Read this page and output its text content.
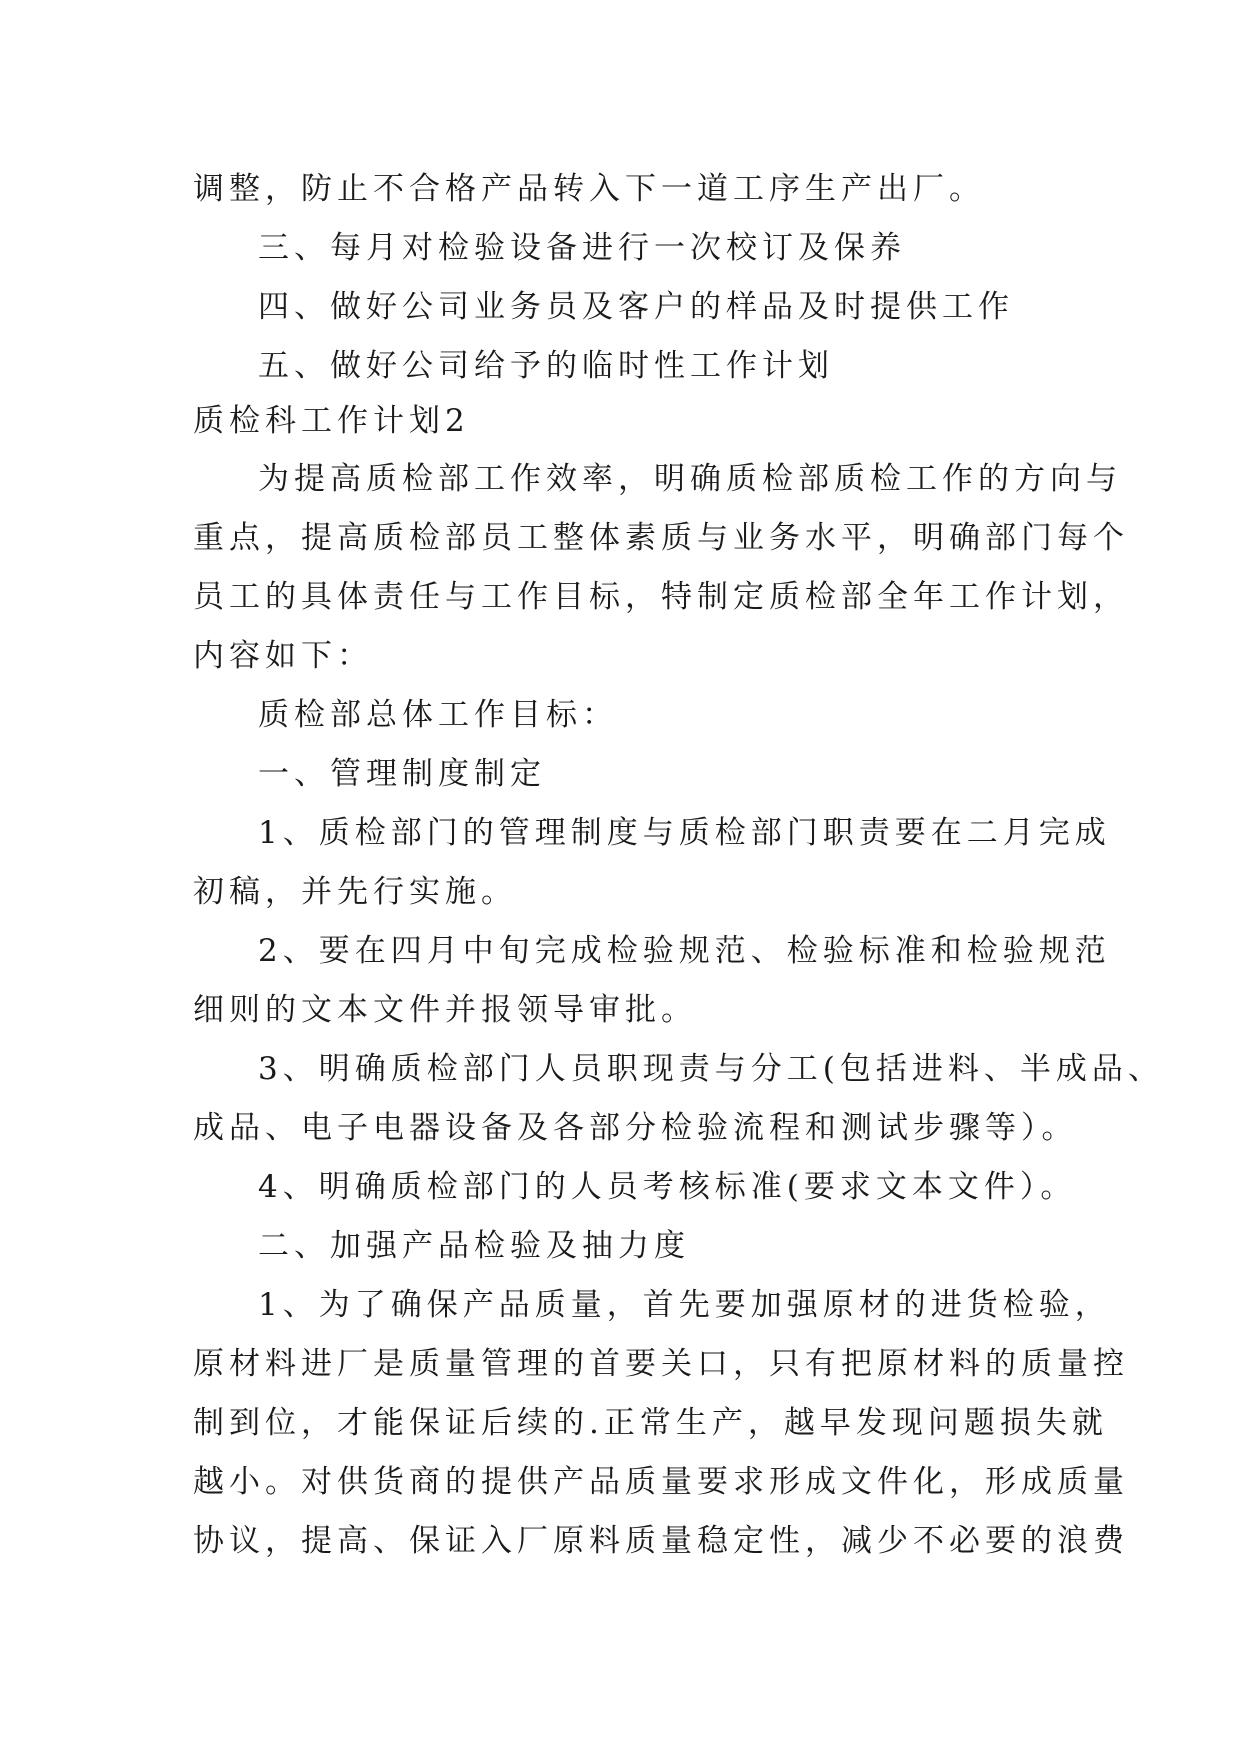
调整，防止不合格产品转入下一道工序生产出厂。
三、每月对检验设备进行一次校订及保养
四、做好公司业务员及客户的样品及时提供工作
五、做好公司给予的临时性工作计划
质检科工作计划2
为提高质检部工作效率，明确质检部质检工作的方向与
重点，提高质检部员工整体素质与业务水平，明确部门每个
员工的具体责任与工作目标，特制定质检部全年工作计划，
内容如下：
质检部总体工作目标：
一、管理制度制定
1、质检部门的管理制度与质检部门职责要在二月完成
初稿，并先行实施。
2、要在四月中旬完成检验规范、检验标准和检验规范
细则的文本文件并报领导审批。
3、明确质检部门人员职现责与分工(包括进料、半成品、
成品、电子电器设备及各部分检验流程和测试步骤等）。
4、明确质检部门的人员考核标准(要求文本文件）。
二、加强产品检验及抽力度
1、为了确保产品质量，首先要加强原材的进货检验，
原材料进厂是质量管理的首要关口，只有把原材料的质量控
制到位，才能保证后续的.正常生产，越早发现问题损失就
越小。对供货商的提供产品质量要求形成文件化，形成质量
协议，提高、保证入厂原料质量稳定性，减少不必要的浪费
